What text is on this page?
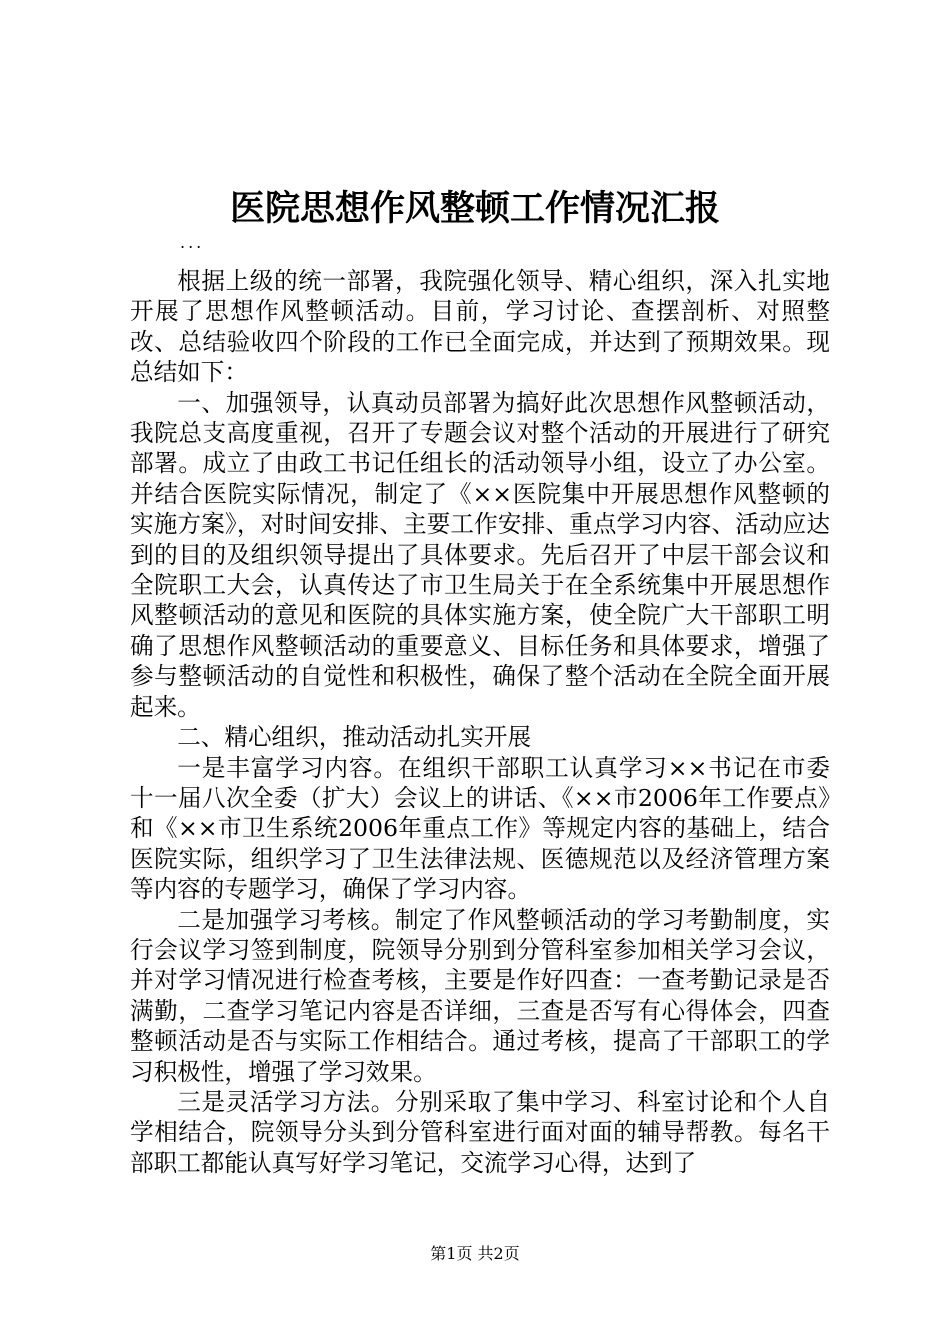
医院思想作风整顿工作情况汇报
...

根据上级的统一部署，我院强化领导、精心组织，深入扎实地开展了思想作风整顿活动。目前，学习讨论、查摆剖析、对照整改、总结验收四个阶段的工作已全面完成，并达到了预期效果。现总结如下：

一、加强领导，认真动员部署为搞好此次思想作风整顿活动，我院总支高度重视，召开了专题会议对整个活动的开展进行了研究部署。成立了由政工书记任组长的活动领导小组，设立了办公室。并结合医院实际情况，制定了《××医院集中开展思想作风整顿的实施方案》，对时间安排、主要工作安排、重点学习内容、活动应达到的目的及组织领导提出了具体要求。先后召开了中层干部会议和全院职工大会，认真传达了市卫生局关于在全系统集中开展思想作风整顿活动的意见和医院的具体实施方案，使全院广大干部职工明确了思想作风整顿活动的重要意义、目标任务和具体要求，增强了参与整顿活动的自觉性和积极性，确保了整个活动在全院全面开展起来。

二、精心组织，推动活动扎实开展

一是丰富学习内容。在组织干部职工认真学习××书记在市委十一届八次全委（扩大）会议上的讲话、《××市2006年工作要点》和《××市卫生系统2006年重点工作》等规定内容的基础上，结合医院实际，组织学习了卫生法律法规、医德规范以及经济管理方案等内容的专题学习，确保了学习内容。

二是加强学习考核。制定了作风整顿活动的学习考勤制度，实行会议学习签到制度，院领导分别到分管科室参加相关学习会议，并对学习情况进行检查考核，主要是作好四查：一查考勤记录是否满勤，二查学习笔记内容是否详细，三查是否写有心得体会，四查整顿活动是否与实际工作相结合。通过考核，提高了干部职工的学习积极性，增强了学习效果。

三是灵活学习方法。分别采取了集中学习、科室讨论和个人自学相结合，院领导分头到分管科室进行面对面的辅导帮教。每名干部职工都能认真写好学习笔记，交流学习心得，达到了

第1页 共2页
